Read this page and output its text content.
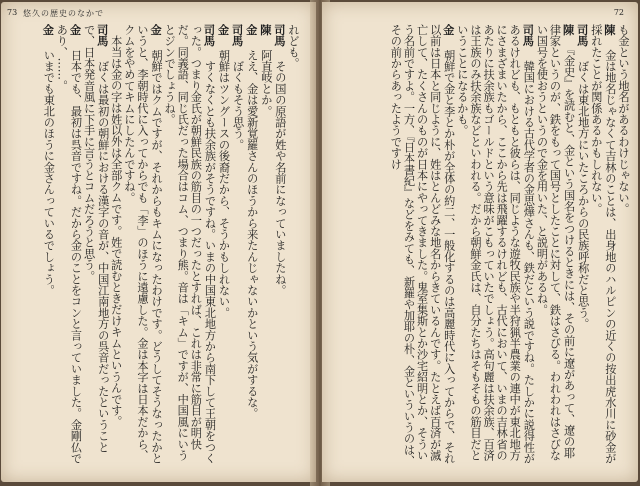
73 悠久の歴史のなかで

れども。

司馬　その国の原語が姓や名前になっていましたね。

陳　阿直岐とか。

金　ええ、金は愛新覚羅さんのほうから来たんじゃないかという気がするな。

司馬　ぼくもそう思う。

金　朝鮮はツングースの後裔だから、そうかもしれない。

司馬　すくなくとも扶余族がそうですね。いまの中国東北地方から南下して王朝をつくった。つまり金氏が朝鮮民族の筋目の一つだったとすれば、これは非常に筋目が明快だ。同義語、同じ氏だった場合はコム、つまり熊。音は「キム」ですが、中国風にいうとジンでしょうね。

金　朝鮮ではクムですが、それからもキムになったわけです。どうしてそうなったかというと、李朝時代に入ってからでも「李」のほうに遠慮した。金は本字は日本だから、クムをやめてキムにしたんですね。

本当は金の字は姓以外は全部クムです。姓で読むときだけキムというんです。

司馬　ぼくは最初の朝鮮における漢字の音が、中国江南地方の呉音だったということで、日本発音風に下手に言うとコムだろうと思う。

金　日本でも、最初は呉音ですね。だから金のことをコンと言っていました。金剛仏であり、……。

金　いまでも東北のほうに金さんっているでしょう。

72

も金という地名があるわけじゃない。

陳　金は地名じゃなくて吉林のことは、出身地のハルピンの近くの按出虎水川に砂金が採れたことが関係あるかもしれない。

司馬　ぼくは東北地方にいたころからの民族呼称だと思う。

陳　『金史』を読むと、金という国名をつけるときには、その前に遼があって、遼の耶律家というのが、鉄をもって国号としたことに対して、鉄はさびる。われわれはさびない国号を使おうというので金を用いた、と説明があるね。

司馬　韓国における古代学者の金思燁さんも、鉄だという説ですね。たしかに説得性があるけれども、もともと彼らは、同じような遊牧民族や半狩猟半農業の連中が東北地方にさまざまいたから、ここから先は飛躍するけれども、古代において、いまの吉林省のあたりに扶余族もゴールドという意味がこもっていたでしょう。高句麗は扶余族、百済は王族のみ扶余族などといわれる。だから朝鮮金氏は、自分たちはそもそもの筋目だということになるかも。

金　朝鮮で金と李とか朴が全体の約二、一般化するのは高麗時代に入ってからで、それ以前は日本と同じように、姓はとんどみな地名からきているんです。たとえば百済が滅亡して、たくさんのものが日本にやってきました。鬼室集斯とか沙宅紹明とか、そういう名前ですよ。一方、『日本書紀』などをみても、新羅や加耶の朴、金といういうのは、その前からあったようですけ
